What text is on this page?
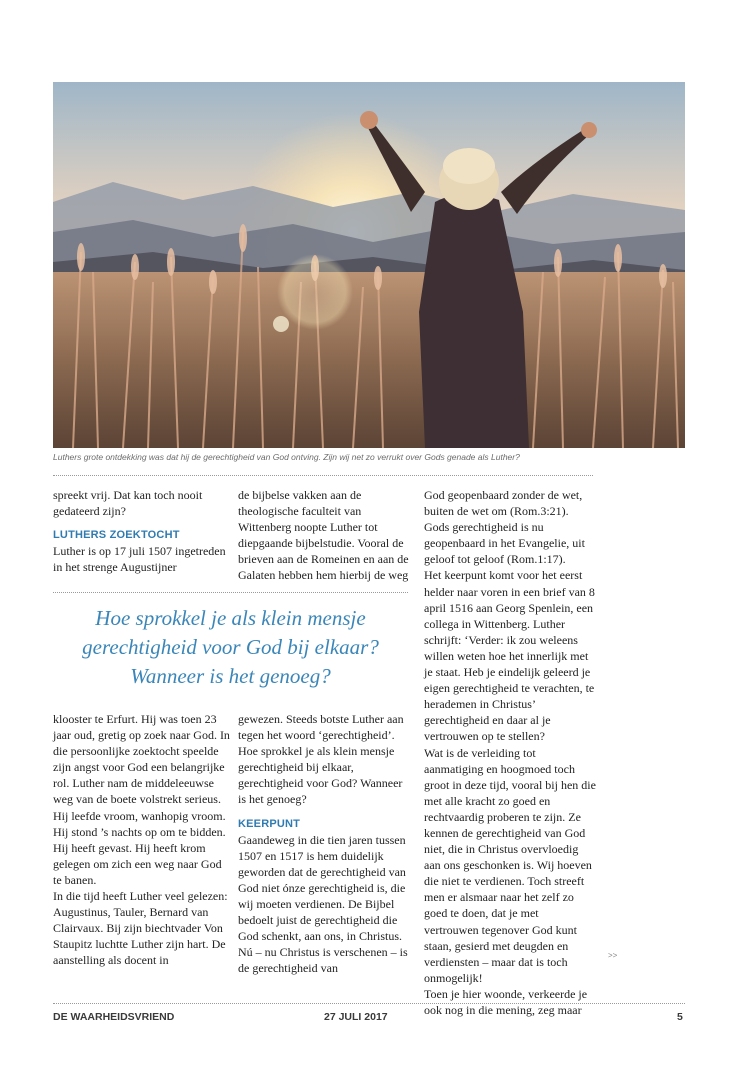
Luthers grote ontdekking was dat hij de gerechtigheid van God ontving. Zijn wij net zo verrukt over Gods genade als Luther?

spreekt vrij. Dat kan toch nooit gedateerd zijn?

LUTHERS ZOEKTOCHT

Luther is op 17 juli 1507 ingetreden in het strenge Augustijner

de bijbelse vakken aan de theologische faculteit van Wittenberg noopte Luther tot diepgaande bijbelstudie. Vooral de brieven aan de Romeinen en aan de Galaten hebben hem hierbij de weg

Hoe sprokkel je als klein mensje
gerechtigheid voor God bij elkaar?
Wanneer is het genoeg?

klooster te Erfurt. Hij was toen 23 jaar oud, gretig op zoek naar God. In die persoonlijke zoektocht speelde zijn angst voor God een belangrijke rol. Luther nam de middeleeuwse weg van de boete volstrekt serieus. Hij leefde vroom, wanhopig vroom. Hij stond ’s nachts op om te bidden. Hij heeft gevast. Hij heeft krom gelegen om zich een weg naar God te banen.

In die tijd heeft Luther veel gelezen: Augustinus, Tauler, Bernard van Clairvaux. Bij zijn biechtvader Von Staupitz luchtte Luther zijn hart. De aanstelling als docent in

gewezen. Steeds botste Luther aan tegen het woord ‘gerechtigheid’. Hoe sprokkel je als klein mensje gerechtigheid bij elkaar, gerechtigheid voor God? Wanneer is het genoeg?

KEERPUNT

Gaandeweg in die tien jaren tussen 1507 en 1517 is hem duidelijk geworden dat de gerechtigheid van God niet ónze gerechtigheid is, die wij moeten verdienen. De Bijbel bedoelt juist de gerechtigheid die God schenkt, aan ons, in Christus. Nú – nu Christus is verschenen – is de gerechtigheid van

God geopenbaard zonder de wet, buiten de wet om (Rom.3:21). Gods gerechtigheid is nu geopenbaard in het Evangelie, uit geloof tot geloof (Rom.1:17).

Het keerpunt komt voor het eerst helder naar voren in een brief van 8 april 1516 aan Georg Spenlein, een collega in Wittenberg. Luther schrijft: ‘Verder: ik zou weleens willen weten hoe het innerlijk met je staat. Heb je eindelijk geleerd je eigen gerechtigheid te verachten, te herademen in Christus’ gerechtigheid en daar al je vertrouwen op te stellen?

Wat is de verleiding tot aanmatiging en hoogmoed toch groot in deze tijd, vooral bij hen die met alle kracht zo goed en rechtvaardig proberen te zijn. Ze kennen de gerechtigheid van God niet, die in Christus overvloedig aan ons geschonken is. Wij hoeven die niet te verdienen. Toch streeft men er alsmaar naar het zelf zo goed te doen, dat je met vertrouwen tegenover God kunt staan, gesierd met deugden en verdiensten – maar dat is toch onmogelijk!

Toen je hier woonde, verkeerde je ook nog in die mening, zeg maar

>>
DE WAARHEIDSVRIEND	27 JULI 2017	5
